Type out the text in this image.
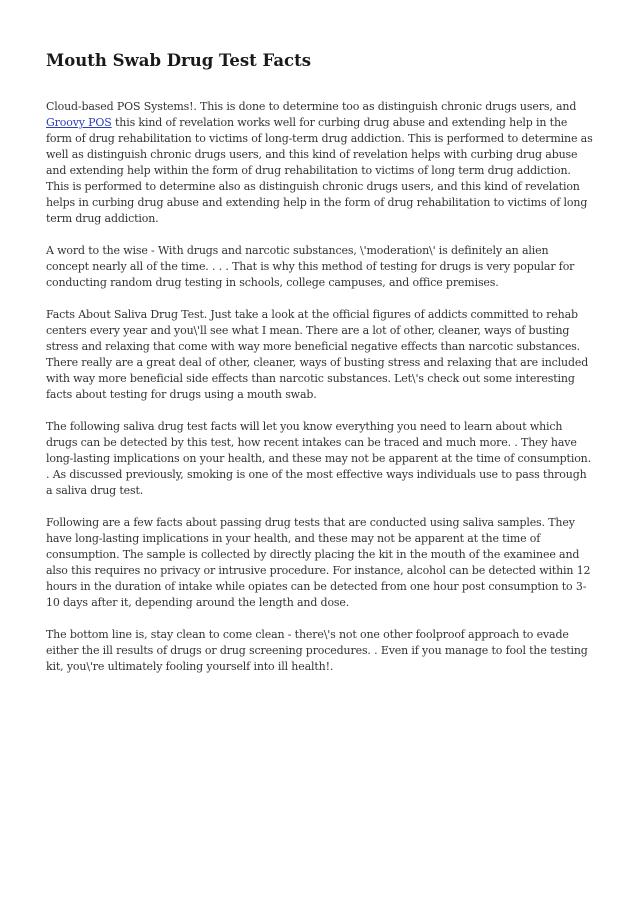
Mouth Swab Drug Test Facts

Cloud-based POS Systems!. This is done to determine too as distinguish chronic drugs users, and Groovy POS this kind of revelation works well for curbing drug abuse and extending help in the form of drug rehabilitation to victims of long-term drug addiction. This is performed to determine as well as distinguish chronic drugs users, and this kind of revelation helps with curbing drug abuse and extending help within the form of drug rehabilitation to victims of long term drug addiction. This is performed to determine also as distinguish chronic drugs users, and this kind of revelation helps in curbing drug abuse and extending help in the form of drug rehabilitation to victims of long term drug addiction.

A word to the wise - With drugs and narcotic substances, \'moderation\' is definitely an alien concept nearly all of the time. . . . That is why this method of testing for drugs is very popular for conducting random drug testing in schools, college campuses, and office premises.

Facts About Saliva Drug Test. Just take a look at the official figures of addicts committed to rehab centers every year and you\'ll see what I mean. There are a lot of other, cleaner, ways of busting stress and relaxing that come with way more beneficial negative effects than narcotic substances. There really are a great deal of other, cleaner, ways of busting stress and relaxing that are included with way more beneficial side effects than narcotic substances. Let\'s check out some interesting facts about testing for drugs using a mouth swab.

The following saliva drug test facts will let you know everything you need to learn about which drugs can be detected by this test, how recent intakes can be traced and much more. . They have long-lasting implications on your health, and these may not be apparent at the time of consumption. . As discussed previously, smoking is one of the most effective ways individuals use to pass through a saliva drug test.

Following are a few facts about passing drug tests that are conducted using saliva samples. They have long-lasting implications in your health, and these may not be apparent at the time of consumption. The sample is collected by directly placing the kit in the mouth of the examinee and also this requires no privacy or intrusive procedure. For instance, alcohol can be detected within 12 hours in the duration of intake while opiates can be detected from one hour post consumption to 3-10 days after it, depending around the length and dose.

The bottom line is, stay clean to come clean - there\'s not one other foolproof approach to evade either the ill results of drugs or drug screening procedures. . Even if you manage to fool the testing kit, you\'re ultimately fooling yourself into ill health!.
